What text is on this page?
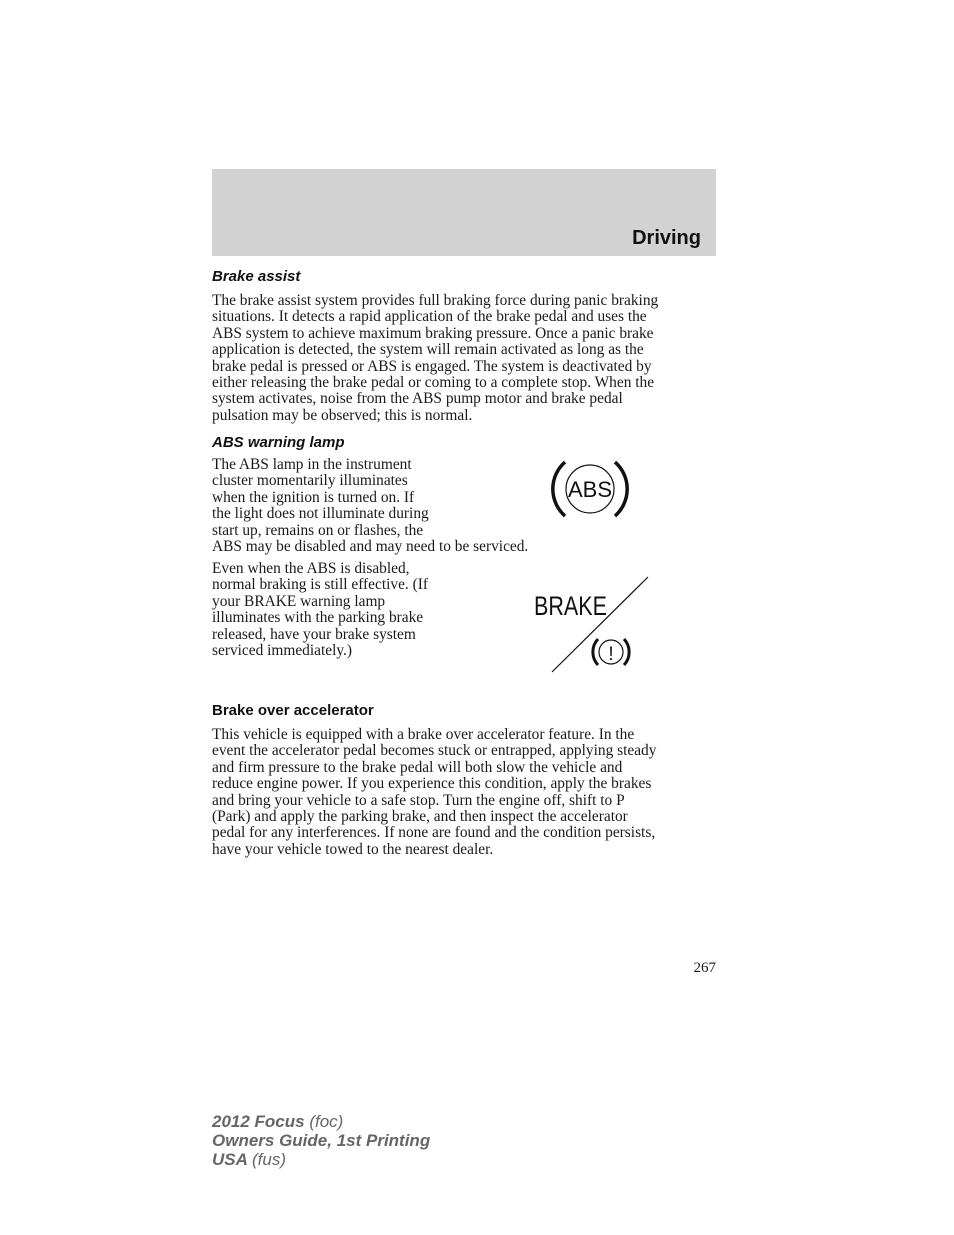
Driving
Brake assist
The brake assist system provides full braking force during panic braking
situations. It detects a rapid application of the brake pedal and uses the
ABS system to achieve maximum braking pressure. Once a panic brake
application is detected, the system will remain activated as long as the
brake pedal is pressed or ABS is engaged. The system is deactivated by
either releasing the brake pedal or coming to a complete stop. When the
system activates, noise from the ABS pump motor and brake pedal
pulsation may be observed; this is normal.
ABS warning lamp
The ABS lamp in the instrument
cluster momentarily illuminates
when the ignition is turned on. If
the light does not illuminate during
start up, remains on or flashes, the
ABS may be disabled and may need to be serviced.
ABS
Even when the ABS is disabled,
normal braking is still effective. (If
your BRAKE warning lamp
illuminates with the parking brake
released, have your brake system
serviced immediately.)
BRAKE
!
Brake over accelerator
This vehicle is equipped with a brake over accelerator feature. In the
event the accelerator pedal becomes stuck or entrapped, applying steady
and firm pressure to the brake pedal will both slow the vehicle and
reduce engine power. If you experience this condition, apply the brakes
and bring your vehicle to a safe stop. Turn the engine off, shift to P
(Park) and apply the parking brake, and then inspect the accelerator
pedal for any interferences. If none are found and the condition persists,
have your vehicle towed to the nearest dealer.

267

2012 Focus (foc)
Owners Guide, 1st Printing
USA (fus)
